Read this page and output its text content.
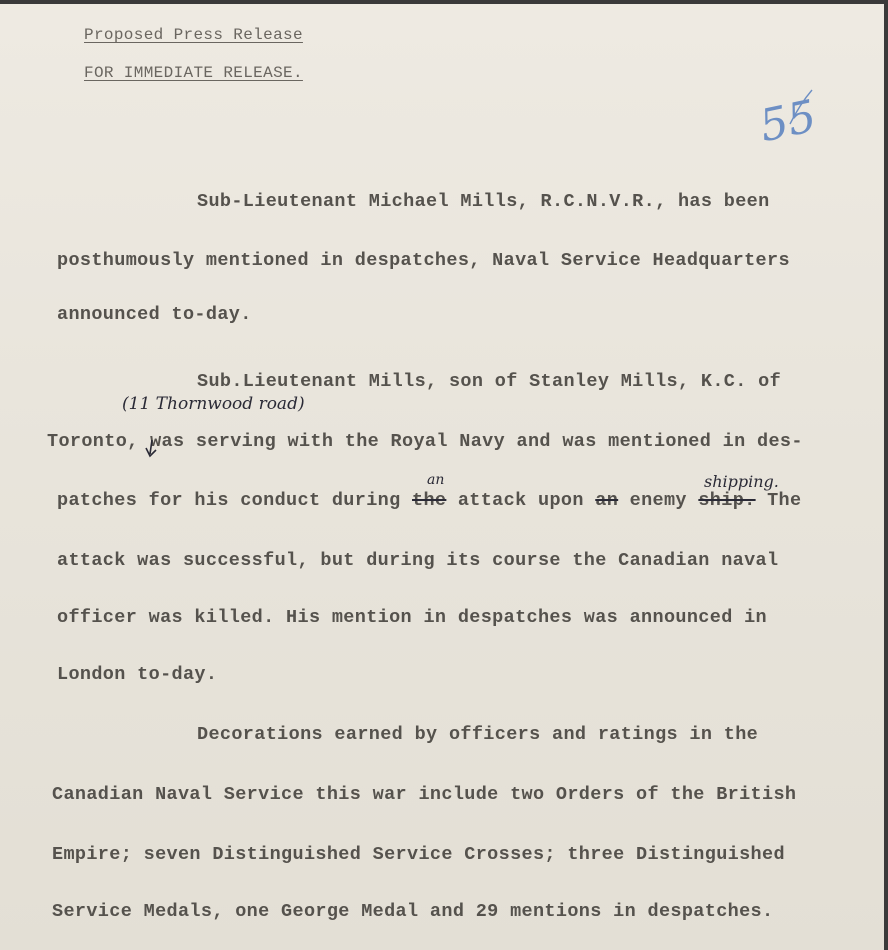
Proposed Press Release
FOR IMMEDIATE RELEASE.
55
Sub-Lieutenant Michael Mills, R.C.N.V.R., has been
posthumously mentioned in despatches, Naval Service Headquarters
announced to-day.
Sub.Lieutenant Mills, son of Stanley Mills, K.C. of
(11 Thornwood road)
Toronto, was serving with the Royal Navy and was mentioned in des-
an	shipping.
patches for his conduct during the attack upon an enemy ship. The
attack was successful, but during its course the Canadian naval
officer was killed. His mention in despatches was announced in
London to-day.
Decorations earned by officers and ratings in the
Canadian Naval Service this war include two Orders of the British
Empire; seven Distinguished Service Crosses; three Distinguished
Service Medals, one George Medal and 29 mentions in despatches.
